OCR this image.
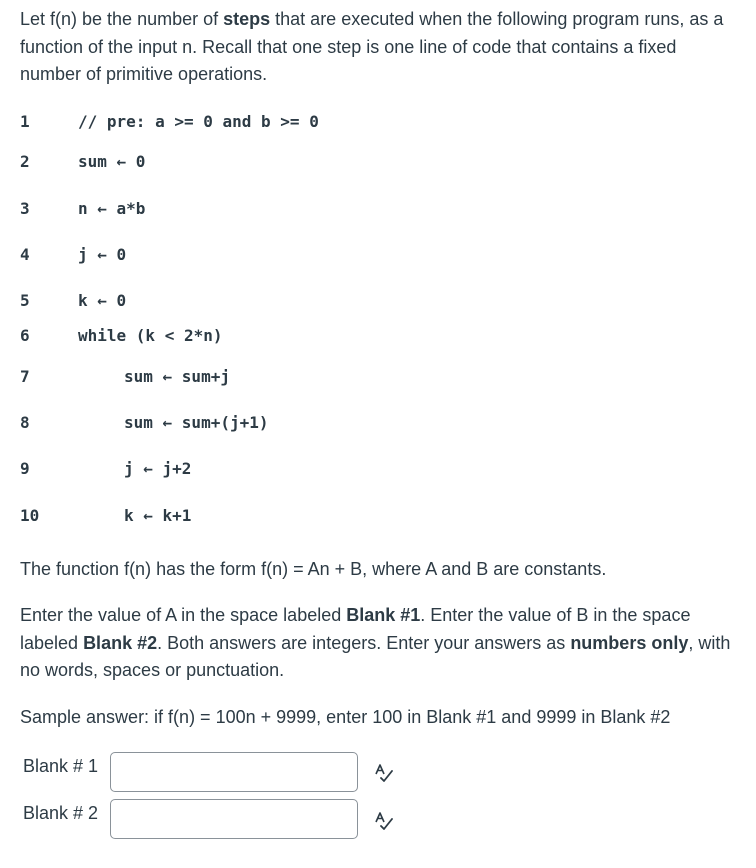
Let f(n) be the number of steps that are executed when the following program runs, as a function of the input n. Recall that one step is one line of code that contains a fixed number of primitive operations.

1	// pre: a >= 0 and b >= 0
2	sum ← 0
3	n ← a*b
4	j ← 0
5	k ← 0
6	while (k < 2*n)
7	sum ← sum+j
8	sum ← sum+(j+1)
9	j ← j+2
10	k ← k+1

The function f(n) has the form f(n) = An + B, where A and B are constants.

Enter the value of A in the space labeled Blank #1. Enter the value of B in the space labeled Blank #2. Both answers are integers. Enter your answers as numbers only, with no words, spaces or punctuation.

Sample answer: if f(n) = 100n + 9999, enter 100 in Blank #1 and 9999 in Blank #2

Blank # 1
Blank # 2
